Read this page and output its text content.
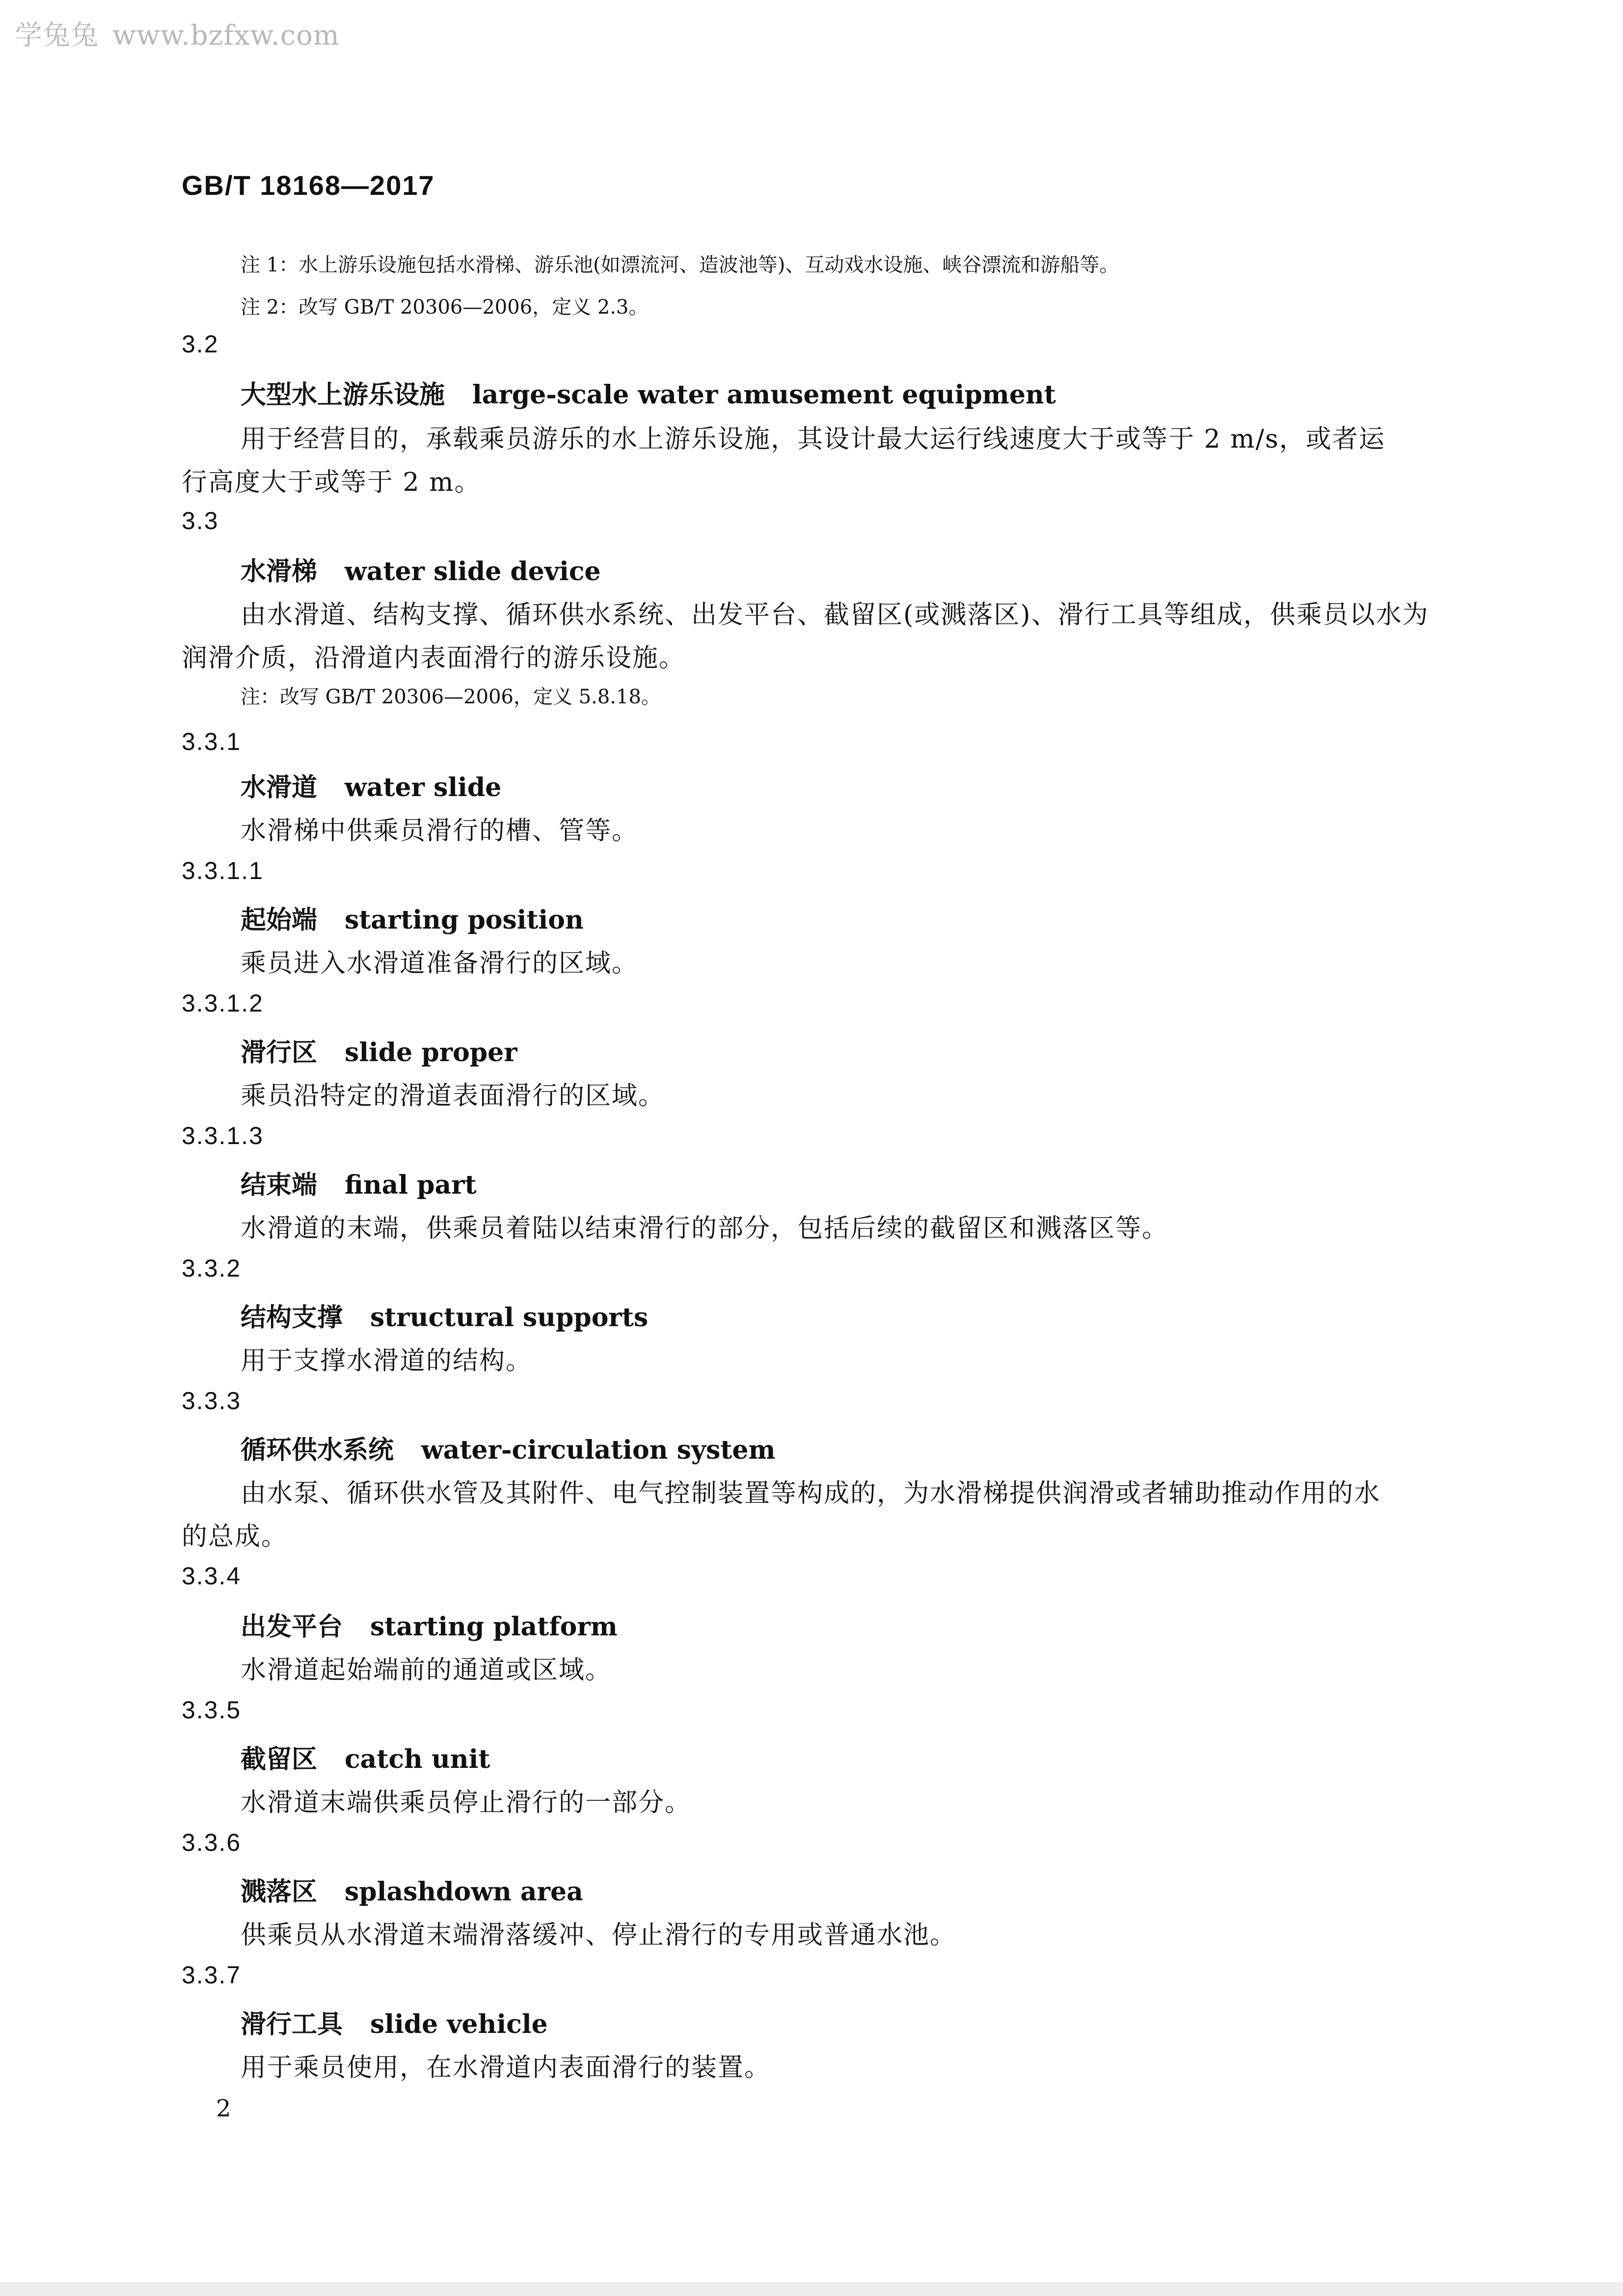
学兔兔 www.bzfxw.com
GB/T 18168—2017
注 1：水上游乐设施包括水滑梯、游乐池(如漂流河、造波池等)、互动戏水设施、峡谷漂流和游船等。
注 2：改写 GB/T 20306—2006，定义 2.3。
3.2
大型水上游乐设施 large-scale water amusement equipment
用于经营目的，承载乘员游乐的水上游乐设施，其设计最大运行线速度大于或等于 2 m/s，或者运
行高度大于或等于 2 m。
3.3
水滑梯 water slide device
由水滑道、结构支撑、循环供水系统、出发平台、截留区(或溅落区)、滑行工具等组成，供乘员以水为
润滑介质，沿滑道内表面滑行的游乐设施。
注：改写 GB/T 20306—2006，定义 5.8.18。
3.3.1
水滑道 water slide
水滑梯中供乘员滑行的槽、管等。
3.3.1.1
起始端 starting position
乘员进入水滑道准备滑行的区域。
3.3.1.2
滑行区 slide proper
乘员沿特定的滑道表面滑行的区域。
3.3.1.3
结束端 final part
水滑道的末端，供乘员着陆以结束滑行的部分，包括后续的截留区和溅落区等。
3.3.2
结构支撑 structural supports
用于支撑水滑道的结构。
3.3.3
循环供水系统 water-circulation system
由水泵、循环供水管及其附件、电气控制装置等构成的，为水滑梯提供润滑或者辅助推动作用的水
的总成。
3.3.4
出发平台 starting platform
水滑道起始端前的通道或区域。
3.3.5
截留区 catch unit
水滑道末端供乘员停止滑行的一部分。
3.3.6
溅落区 splashdown area
供乘员从水滑道末端滑落缓冲、停止滑行的专用或普通水池。
3.3.7
滑行工具 slide vehicle
用于乘员使用，在水滑道内表面滑行的装置。
2
